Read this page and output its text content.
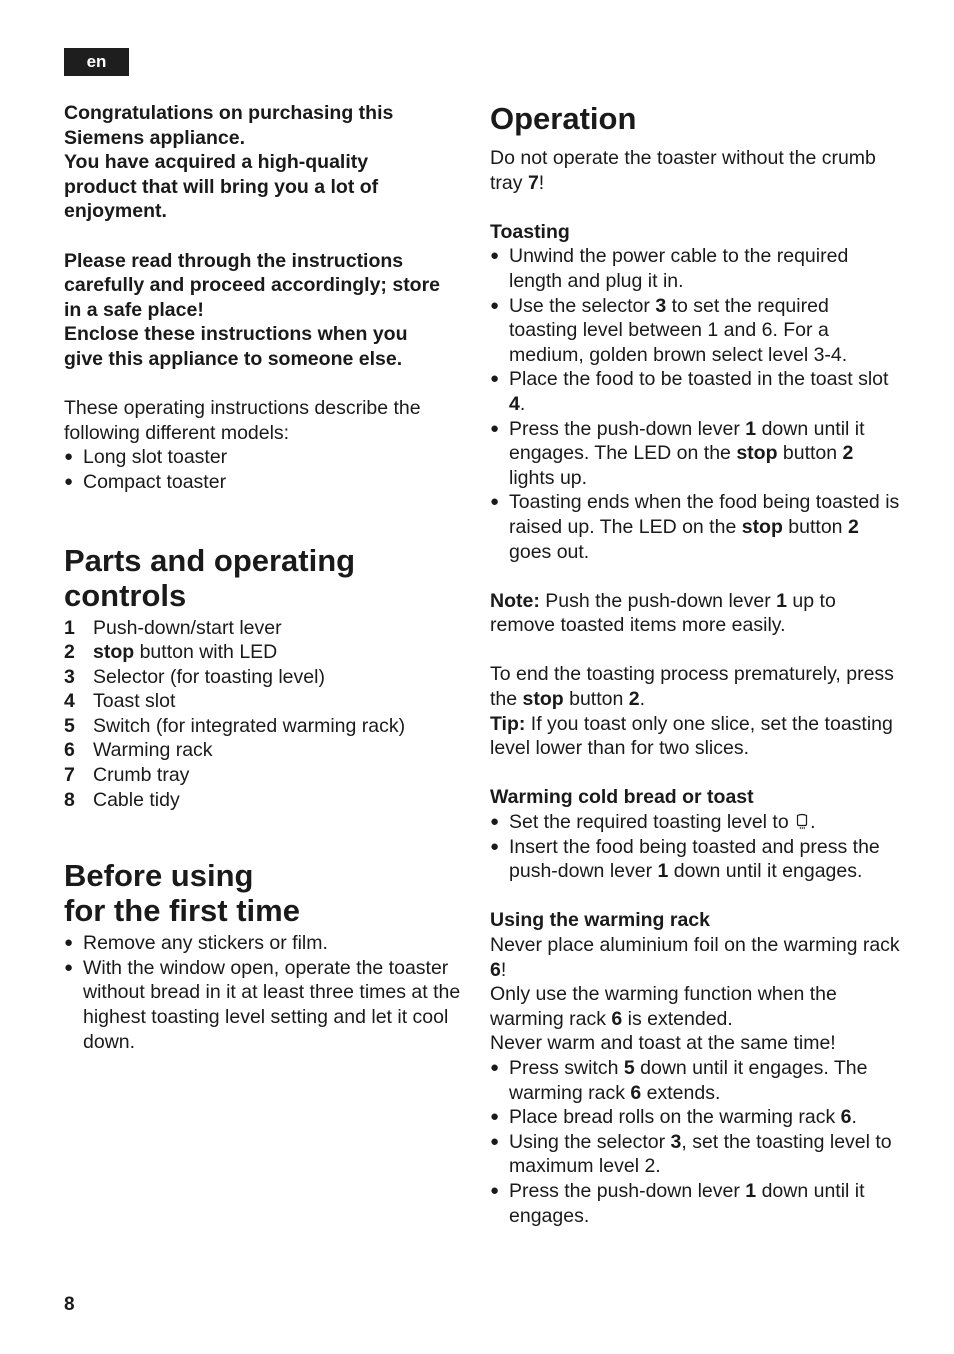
en

Congratulations on purchasing this

Siemens appliance.

You have acquired a high-quality

product that will bring you a lot of

enjoyment.

Please read through the instructions

carefully and proceed accordingly; store

in a safe place!

Enclose these instructions when you

give this appliance to someone else.

These operating instructions describe the

following different models:

● Long slot toaster
● Compact toaster
Parts and operating
controls
1 Push-down/start lever
2 stop button with LED
3 Selector (for toasting level)
4 Toast slot
5 Switch (for integrated warming rack)
6 Warming rack
7 Crumb tray
8 Cable tidy
Before using
for the first time
● Remove any stickers or film.
● With the window open, operate the toaster without bread in it at least three times at the highest toasting level setting and let it cool down.
Operation

Do not operate the toaster without the crumb tray 7!

Toasting
● Unwind the power cable to the required length and plug it in.
● Use the selector 3 to set the required toasting level between 1 and 6. For a medium, golden brown select level 3-4.
● Place the food to be toasted in the toast slot 4.
● Press the push-down lever 1 down until it engages. The LED on the stop button 2 lights up.
● Toasting ends when the food being toasted is raised up. The LED on the stop button 2 goes out.

Note: Push the push-down lever 1 up to remove toasted items more easily.

To end the toasting process prematurely, press the stop button 2.

Tip: If you toast only one slice, set the toasting level lower than for two slices.

Warming cold bread or toast
● Set the required toasting level to .
● Insert the food being toasted and press the push-down lever 1 down until it engages.
Using the warming rack

Never place aluminium foil on the warming rack 6!

Only use the warming function when the warming rack 6 is extended.

Never warm and toast at the same time!

● Press switch 5 down until it engages. The warming rack 6 extends.
● Place bread rolls on the warming rack 6.
● Using the selector 3, set the toasting level to maximum level 2.
● Press the push-down lever 1 down until it engages.
8
